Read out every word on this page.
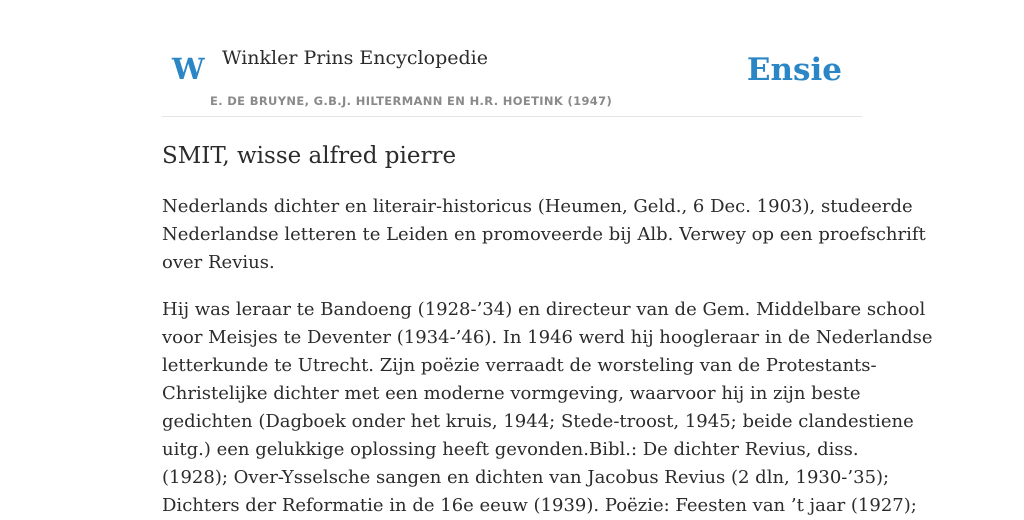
W Winkler Prins Encyclopedie
E. DE BRUYNE, G.B.J. HILTERMANN EN H.R. HOETINK (1947)
Ensie
SMIT, wisse alfred pierre

Nederlands dichter en literair-historicus (Heumen, Geld., 6 Dec. 1903), studeerde
Nederlandse letteren te Leiden en promoveerde bij Alb. Verwey op een proefschrift
over Revius.

Hij was leraar te Bandoeng (1928-’34) en directeur van de Gem. Middelbare school
voor Meisjes te Deventer (1934-’46). In 1946 werd hij hoogleraar in de Nederlandse
letterkunde te Utrecht. Zijn poëzie verraadt de worsteling van de Protestants-
Christelijke dichter met een moderne vormgeving, waarvoor hij in zijn beste
gedichten (Dagboek onder het kruis, 1944; Stede-troost, 1945; beide clandestiene
uitg.) een gelukkige oplossing heeft gevonden.Bibl.: De dichter Revius, diss.
(1928); Over-Ysselsche sangen en dichten van Jacobus Revius (2 dln, 1930-’35);
Dichters der Reformatie in de 16e eeuw (1939). Poëzie: Feesten van ’t jaar (1927);
